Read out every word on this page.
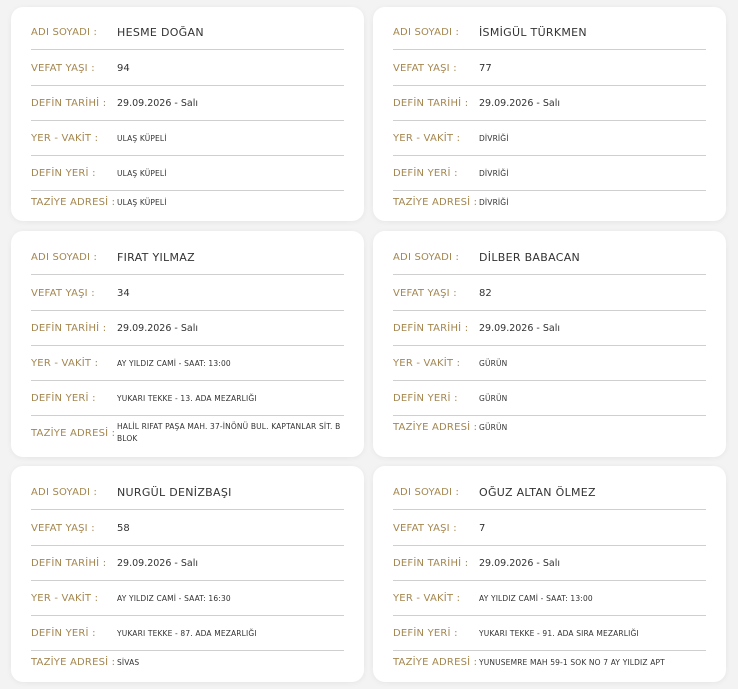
ADI SOYADI :	HESME DOĞAN
VEFAT YAŞI :	94
DEFİN TARİHİ :	29.09.2026 - Salı
YER - VAKİT :	ULAŞ KÜPELİ
DEFİN YERİ :	ULAŞ KÜPELİ
TAZİYE ADRESİ : ULAŞ KÜPELİ
ADI SOYADI :	İSMİGÜL TÜRKMEN
VEFAT YAŞI :	77
DEFİN TARİHİ :	29.09.2026 - Salı
YER - VAKİT :	DİVRİĞİ
DEFİN YERİ :	DİVRİĞİ
TAZİYE ADRESİ : DİVRİĞİ
ADI SOYADI :	FIRAT YILMAZ
VEFAT YAŞI :	34
DEFİN TARİHİ :	29.09.2026 - Salı
YER - VAKİT :	AY YILDIZ CAMİ - SAAT: 13:00
DEFİN YERİ :	YUKARI TEKKE - 13. ADA MEZARLIĞI
TAZİYE ADRESİ :
HALİL RIFAT PAŞA MAH. 37-İNÖNÜ BUL. KAPTANLAR SİT. B BLOK
ADI SOYADI :	DİLBER BABACAN
VEFAT YAŞI :	82
DEFİN TARİHİ :	29.09.2026 - Salı
YER - VAKİT :	GÜRÜN
DEFİN YERİ :	GÜRÜN
TAZİYE ADRESİ : GÜRÜN
ADI SOYADI :	NURGÜL DENİZBAŞI
VEFAT YAŞI :	58
DEFİN TARİHİ :	29.09.2026 - Salı
YER - VAKİT :	AY YILDIZ CAMİ - SAAT: 16:30
DEFİN YERİ :	YUKARI TEKKE - 87. ADA MEZARLIĞI
TAZİYE ADRESİ : SİVAS
ADI SOYADI :	OĞUZ ALTAN ÖLMEZ
VEFAT YAŞI :	7
DEFİN TARİHİ :	29.09.2026 - Salı
YER - VAKİT :	AY YILDIZ CAMİ - SAAT: 13:00
DEFİN YERİ :	YUKARI TEKKE - 91. ADA SIRA MEZARLIĞI
TAZİYE ADRESİ : YUNUSEMRE MAH 59-1 SOK NO 7 AY YILDIZ APT
